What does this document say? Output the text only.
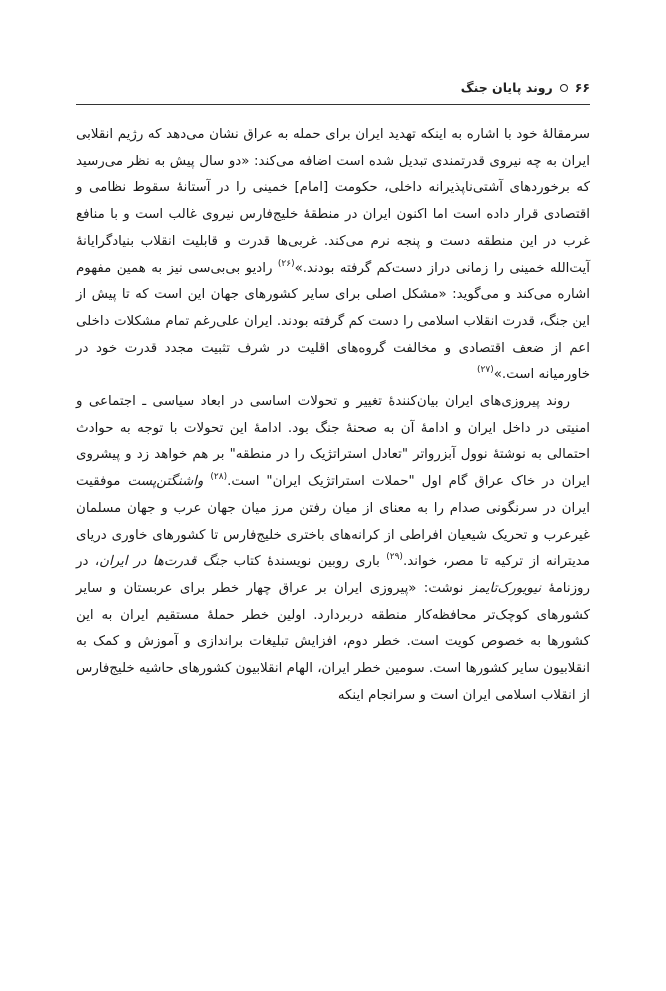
۶۶
روند پایان جنگ

سرمقالهٔ خود با اشاره به اینکه تهدید ایران برای حمله به عراق نشان می‌دهد که رژیم انقلابی ایران به چه نیروی قدرتمندی تبدیل شده است اضافه می‌کند: «دو سال پیش به نظر می‌رسید که برخوردهای آشتی‌ناپذیرانه داخلی، حکومت [امام] خمینی را در آستانهٔ سقوط نظامی و اقتصادی قرار داده است اما اکنون ایران در منطقهٔ خلیج‌فارس نیروی غالب است و با منافع غرب در این منطقه دست و پنجه نرم می‌کند. غربی‌ها قدرت و قابلیت انقلاب بنیادگرایانهٔ آیت‌الله خمینی را زمانی دراز دست‌کم گرفته بودند.»$^{(۲۶)}$ رادیو بی‌بی‌سی نیز به همین مفهوم اشاره می‌کند و می‌گوید: «مشکل اصلی برای سایر کشورهای جهان این است که تا پیش از این جنگ، قدرت انقلاب اسلامی را دست کم گرفته بودند. ایران علی‌رغم تمام مشکلات داخلی اعم از ضعف اقتصادی و مخالفت گروه‌های اقلیت در شرف تثبیت مجدد قدرت خود در خاورمیانه است.»$^{(۲۷)}$

روند پیروزی‌های ایران بیان‌کنندهٔ تغییر و تحولات اساسی در ابعاد سیاسی ـ اجتماعی و امنیتی در داخل ایران و ادامهٔ آن به صحنهٔ جنگ بود. ادامهٔ این تحولات با توجه به حوادث احتمالی به نوشتهٔ نوول آبزرواتر "تعادل استراتژیک را در منطقه" بر هم خواهد زد و پیشروی ایران در خاک عراق گام اول "حملات استراتژیک ایران" است.$^{(۲۸)}$ واشنگتن‌پست موفقیت ایران در سرنگونی صدام را به معنای از میان رفتن مرز میان جهان عرب و جهان مسلمان غیرعرب و تحریک شیعیان افراطی از کرانه‌های باختری خلیج‌فارس تا کشورهای خاوری دریای مدیترانه از ترکیه تا مصر، خواند.$^{(۲۹)}$ باری روبین نویسندهٔ کتاب جنگ قدرت‌ها در ایران، در روزنامهٔ نیویورک‌تایمز نوشت: «پیروزی ایران بر عراق چهار خطر برای عربستان و سایر کشورهای کوچک‌تر محافظه‌کار منطقه دربردارد. اولین خطر حملهٔ مستقیم ایران به این کشورها به خصوص کویت است. خطر دوم، افزایش تبلیغات براندازی و آموزش و کمک به انقلابیون سایر کشورها است. سومین خطر ایران، الهام انقلابیون کشورهای حاشیه خلیج‌فارس از انقلاب اسلامی ایران است و سرانجام اینکه
